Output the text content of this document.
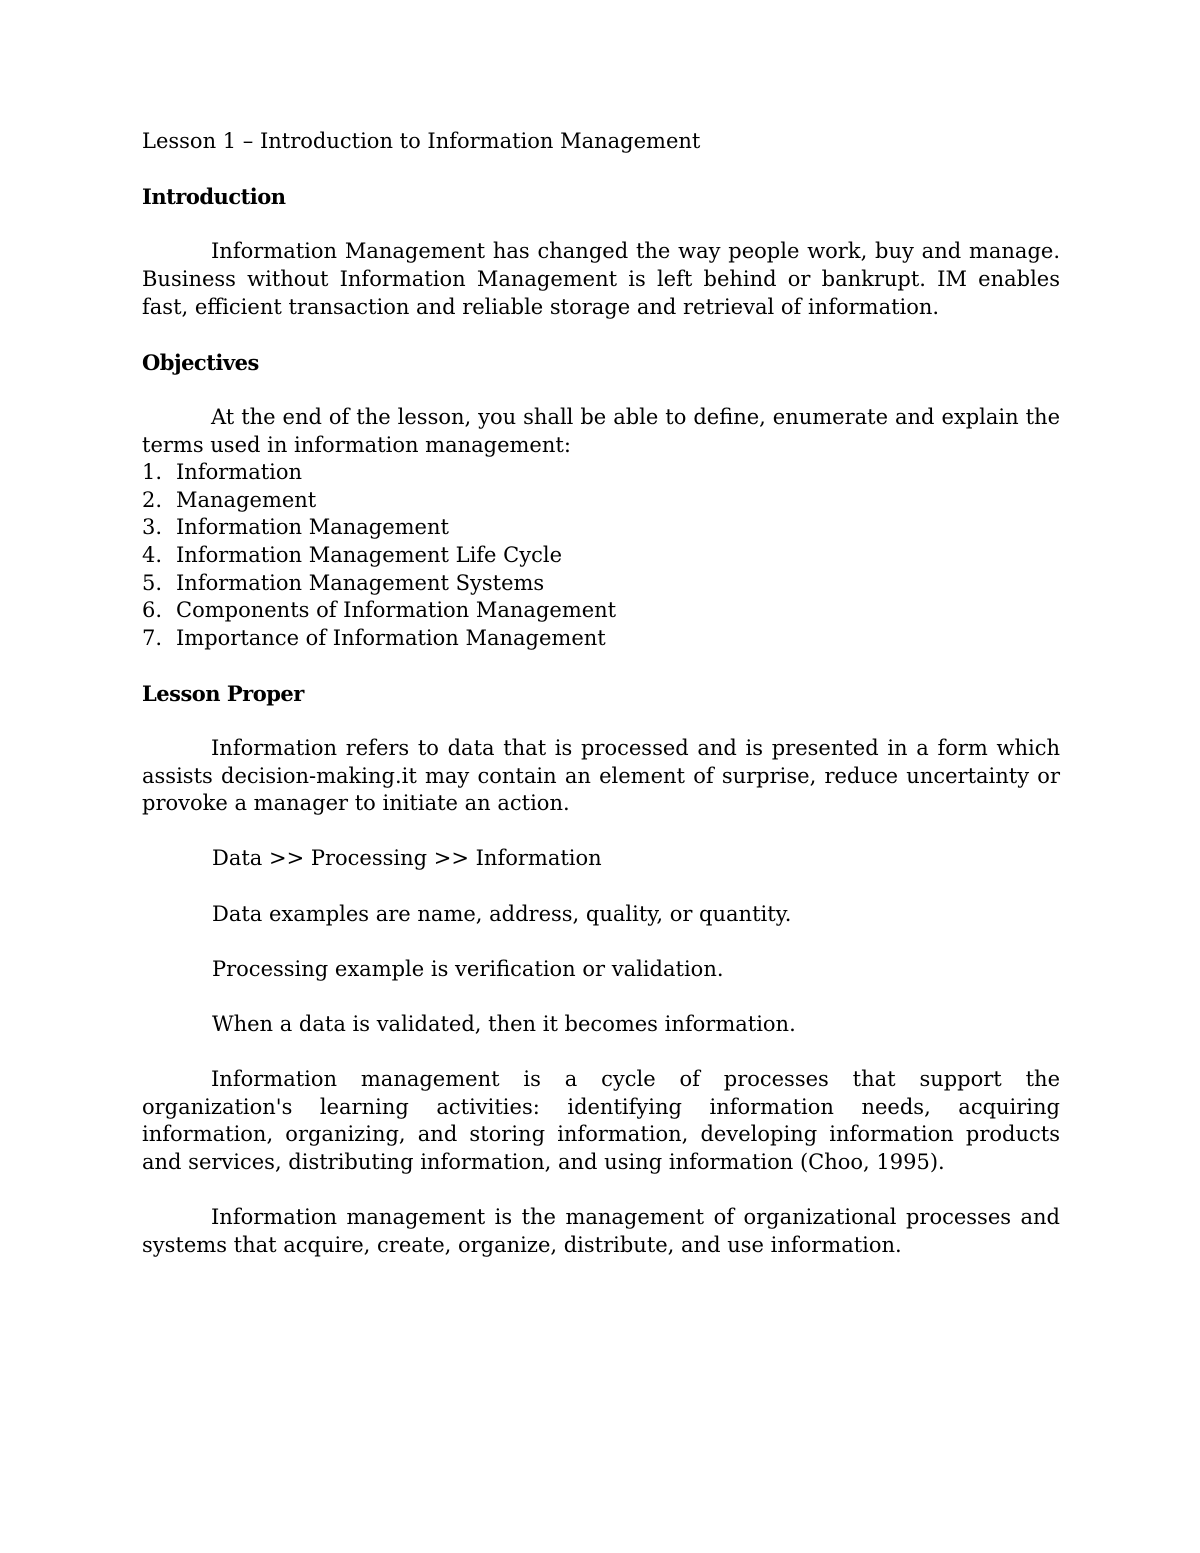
Lesson 1 – Introduction to Information Management
Introduction

Information Management has changed the way people work, buy and manage. Business without Information Management is left behind or bankrupt. IM enables fast, efficient transaction and reliable storage and retrieval of information.

Objectives

At the end of the lesson, you shall be able to define, enumerate and explain the terms used in information management:

1. Information
2. Management
3. Information Management
4. Information Management Life Cycle
5. Information Management Systems
6. Components of Information Management
7. Importance of Information Management
Lesson Proper

Information refers to data that is processed and is presented in a form which assists decision-making.it may contain an element of surprise, reduce uncertainty or provoke a manager to initiate an action.

Data >> Processing >> Information
Data examples are name, address, quality, or quantity.
Processing example is verification or validation.
When a data is validated, then it becomes information.

Information management is a cycle of processes that support the organization's learning activities: identifying information needs, acquiring information, organizing, and storing information, developing information products and services, distributing information, and using information (Choo, 1995).

Information management is the management of organizational processes and systems that acquire, create, organize, distribute, and use information.
